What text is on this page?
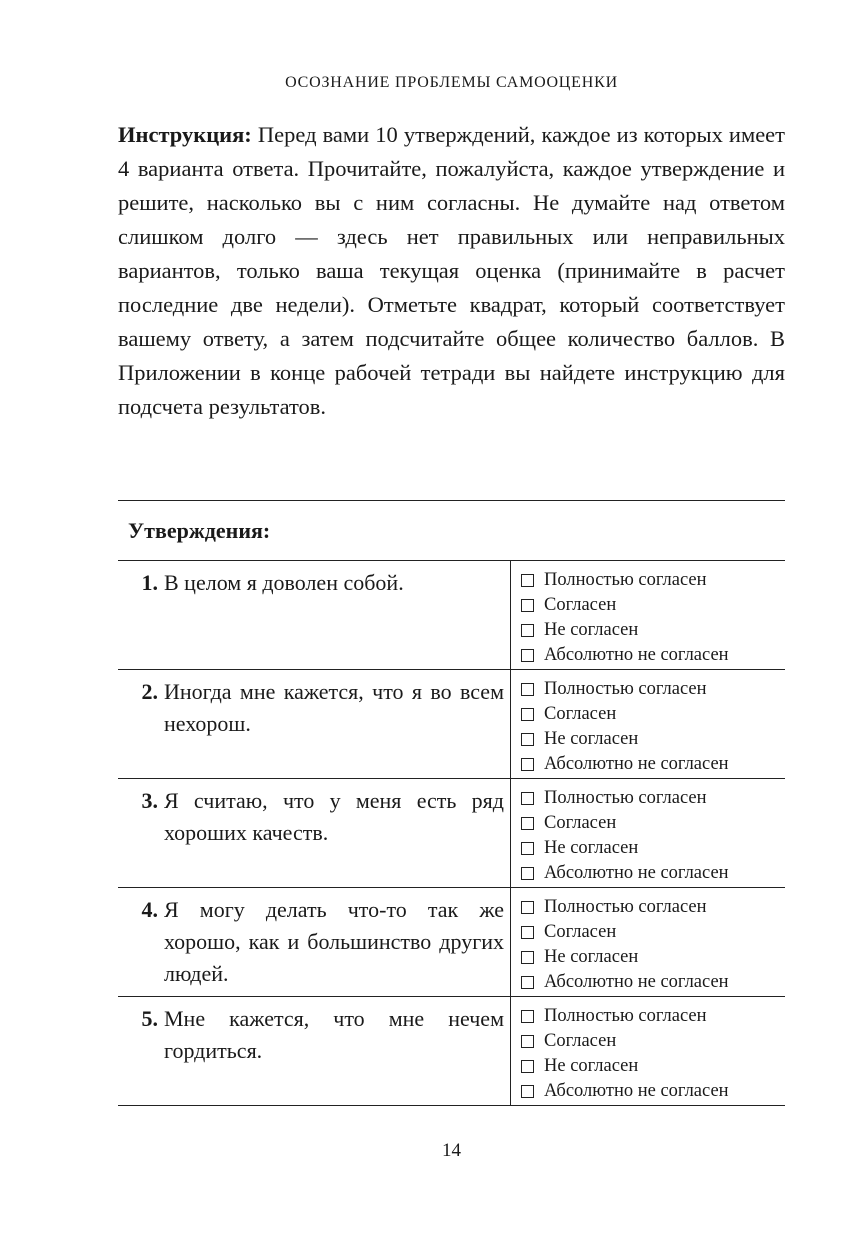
ОСОЗНАНИЕ ПРОБЛЕМЫ САМООЦЕНКИ
Инструкция: Перед вами 10 утверждений, каждое из которых имеет 4 варианта ответа. Прочитайте, пожалуйста, каждое утверждение и решите, насколько вы с ним согласны. Не думайте над ответом слишком долго — здесь нет правильных или неправильных вариантов, только ваша текущая оценка (принимайте в расчет последние две недели). Отметьте квадрат, который соответствует вашему ответу, а затем подсчитайте общее количество баллов. В Приложении в конце рабочей тетради вы найдете инструкцию для подсчета результатов.
Утверждения:
1. В целом я доволен собой.	Полностью согласен
Согласен
Не согласен
Абсолютно не согласен
2. Иногда мне кажется, что я во всем нехорош.
Полностью согласен
Согласен
Не согласен
Абсолютно не согласен
3. Я считаю, что у меня есть ряд хороших качеств.
Полностью согласен
Согласен
Не согласен
Абсолютно не согласен
4. Я могу делать что-то так же хорошо, как и большинство других людей.
Полностью согласен
Согласен
Не согласен
Абсолютно не согласен
5. Мне кажется, что мне нечем гордиться.
Полностью согласен
Согласен
Не согласен
Абсолютно не согласен
14
